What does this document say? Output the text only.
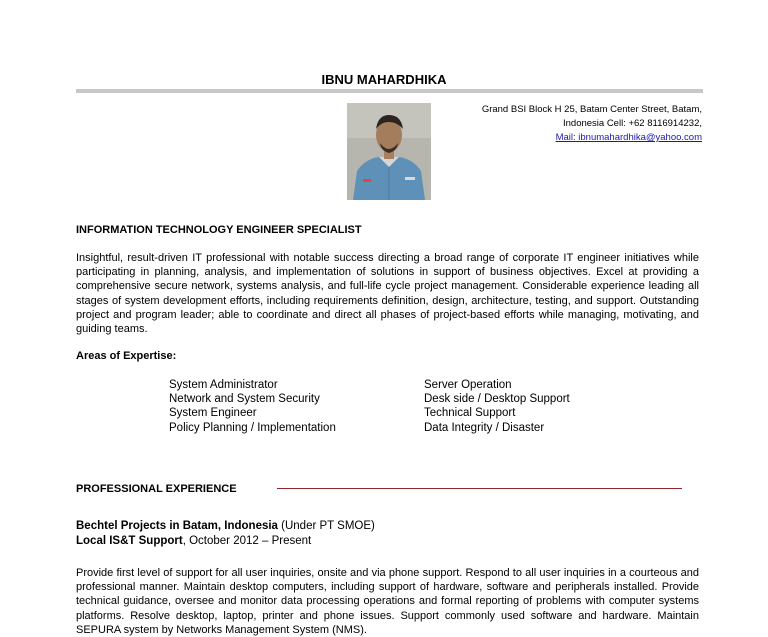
IBNU MAHARDHIKA
Grand BSI Block H 25, Batam Center Street, Batam,
Indonesia Cell: +62 8116914232,
Mail: ibnumahardhika@yahoo.com
INFORMATION TECHNOLOGY ENGINEER SPECIALIST
Insightful, result-driven IT professional with notable success directing a broad range of corporate IT engineer initiatives while participating in planning, analysis, and implementation of solutions in support of business objectives. Excel at providing a comprehensive secure network, systems analysis, and full-life cycle project management. Considerable experience leading all stages of system development efforts, including requirements definition, design, architecture, testing, and support. Outstanding project and program leader; able to coordinate and direct all phases of project-based efforts while managing, motivating, and guiding teams.
Areas of Expertise:
System Administrator
Network and System Security
System Engineer
Policy Planning / Implementation
Server Operation
Desk side / Desktop Support
Technical Support
Data Integrity / Disaster
PROFESSIONAL EXPERIENCE
Bechtel Projects in Batam, Indonesia (Under PT SMOE)
Local IS&T Support, October 2012 – Present
Provide first level of support for all user inquiries, onsite and via phone support. Respond to all user inquiries in a courteous and professional manner. Maintain desktop computers, including support of hardware, software and peripherals installed. Provide technical guidance, oversee and monitor data processing operations and formal reporting of problems with computer systems platforms. Resolve desktop, laptop, printer and phone issues. Support commonly used software and hardware. Maintain SEPURA system by Networks Management System (NMS).
